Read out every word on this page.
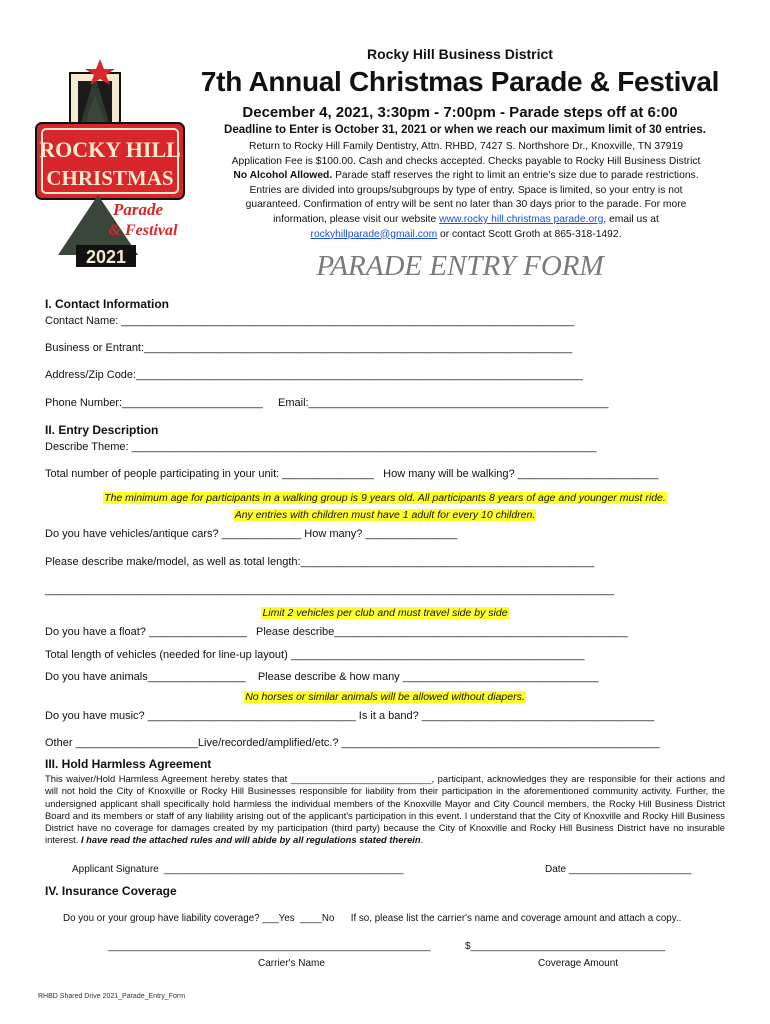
ROCKY HILL
CHRISTMAS
Parade
& Festival
2021
Rocky Hill Business District
7th Annual Christmas Parade & Festival
December 4, 2021, 3:30pm - 7:00pm - Parade steps off at 6:00
Deadline to Enter is October 31, 2021 or when we reach our maximum limit of 30 entries.
Return to Rocky Hill Family Dentistry, Attn. RHBD, 7427 S. Northshore Dr., Knoxville, TN 37919
Application Fee is $100.00. Cash and checks accepted. Checks payable to Rocky Hill Business District
No Alcohol Allowed. Parade staff reserves the right to limit an entrie's size due to parade restrictions.
Entries are divided into groups/subgroups by type of entry. Space is limited, so your entry is not
guaranteed. Confirmation of entry will be sent no later than 30 days prior to the parade. For more
information, please visit our website www.rocky hill christmas parade.org, email us at
rockyhillparade@gmail.com or contact Scott Groth at 865-318-1492.
PARADE ENTRY FORM
I. Contact Information
Contact Name: __________________________________________________________________________
Business or Entrant:______________________________________________________________________
Address/Zip Code:_________________________________________________________________________
Phone Number:_______________________     Email:_________________________________________________
II. Entry Description
Describe Theme: ____________________________________________________________________________
Total number of people participating in your unit: _______________   How many will be walking? _______________________
The minimum age for participants in a walking group is 9 years old. All participants 8 years of age and younger must ride.
Any entries with children must have 1 adult for every 10 children.
Do you have vehicles/antique cars? _____________ How many? _______________
Please describe make/model, as well as total length:________________________________________________
_____________________________________________________________________________________________
Limit 2 vehicles per club and must travel side by side
Do you have a float? ________________   Please describe________________________________________________
Total length of vehicles (needed for line-up layout) ________________________________________________
Do you have animals________________    Please describe & how many ________________________________
No horses or similar animals will be allowed without diapers.
Do you have music? __________________________________ Is it a band? ______________________________________
Other ____________________Live/recorded/amplified/etc.? ____________________________________________________
III. Hold Harmless Agreement
This waiver/Hold Harmless Agreement hereby states that ___________________________, participant, acknowledges they are responsible for their actions and will not hold the City of Knoxville or Rocky Hill Businesses responsible for liability from their participation in the aforementioned community activity. Further, the undersigned applicant shall specifically hold harmless the individual members of the Knoxville Mayor and City Council members, the Rocky Hill Business District Board and its members or staff of any liability arising out of the applicant's participation in this event. I understand that the City of Knoxville and Rocky Hill Business District have no coverage for damages created by my participation (third party) because the City of Knoxville and Rocky Hill Business District have no insurable interest. I have read the attached rules and will abide by all regulations stated therein.
Applicant Signature  ___________________________________________	Date ______________________
IV. Insurance Coverage
Do you or your group have liability coverage? ___Yes  ____No      If so, please list the carrier's name and coverage amount and attach a copy..
__________________________________________________________	$___________________________________
Carrier's Name	Coverage Amount
RHBD Shared Drive 2021_Parade_Entry_Form
